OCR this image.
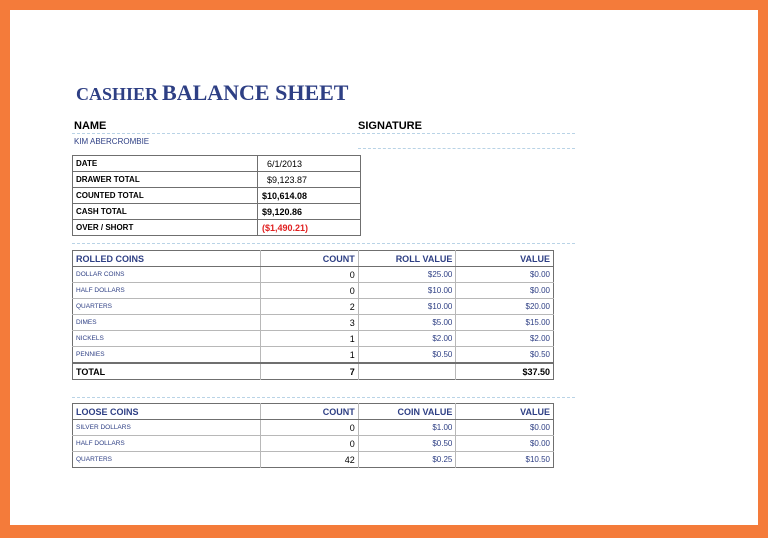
CASHIER BALANCE SHEET
NAME	SIGNATURE
KIM ABERCROMBIE
DATE	6/1/2013
DRAWER TOTAL	$9,123.87
COUNTED TOTAL	$10,614.08
CASH TOTAL	$9,120.86
OVER / SHORT	($1,490.21)
ROLLED COINS	COUNT	ROLL VALUE	VALUE
DOLLAR COINS	0	$25.00	$0.00
HALF DOLLARS	0	$10.00	$0.00
QUARTERS	2	$10.00	$20.00
DIMES	3	$5.00	$15.00
NICKELS	1	$2.00	$2.00
PENNIES	1	$0.50	$0.50
TOTAL	7		$37.50
LOOSE COINS	COUNT	COIN VALUE	VALUE
SILVER DOLLARS	0	$1.00	$0.00
HALF DOLLARS	0	$0.50	$0.00
QUARTERS	42	$0.25	$10.50
